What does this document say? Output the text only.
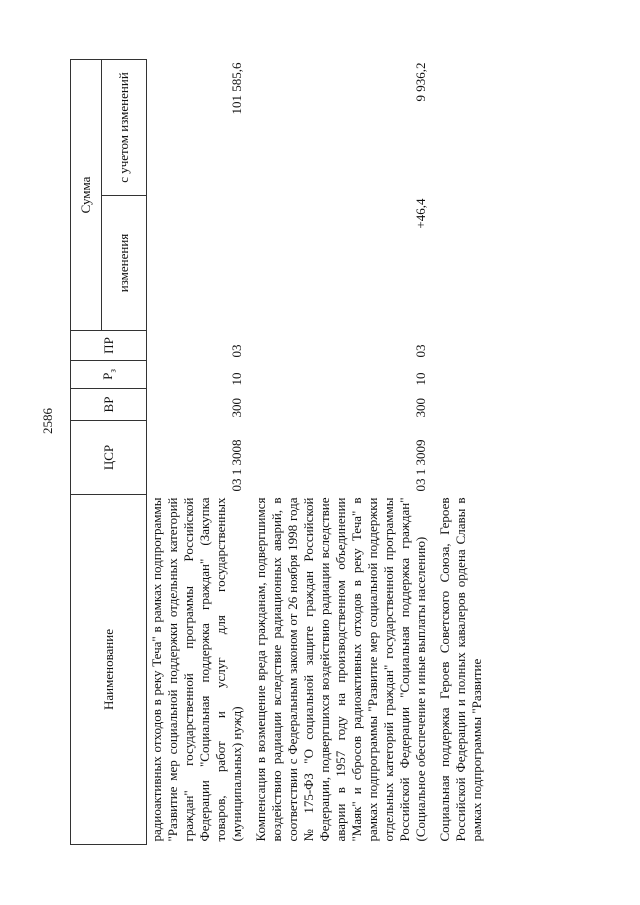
2586
Наименование	ЦСР	ВР	$Р_з$	ПР	Сумма	
					изменения	с учетом изменений
радиоактивных отходов в реку Теча" в рамках подпрограммы "Развитие мер социальной поддержки отдельных категорий граждан" государственной программы Российской Федерации "Социальная поддержка граждан" (Закупка товаров, работ и услуг для государственных (муниципальных) нужд)	03 1 3008	300	10	03		101 585,6
Компенсация в возмещение вреда гражданам, подвергшимся воздействию радиации вследствие радиационных аварий, в соответствии с Федеральным законом от 26 ноября 1998 года № 175-ФЗ "О социальной защите граждан Российской Федерации, подвергшихся воздействию радиации вследствие аварии в 1957 году на производственном объединении "Маяк" и сбросов радиоактивных отходов в реку Теча" в рамках подпрограммы "Развитие мер социальной поддержки отдельных категорий граждан" государственной программы Российской Федерации "Социальная поддержка граждан" (Социальное обеспечение и иные выплаты населению)	03 1 3009	300	10	03	+46,4	9 936,2
Социальная поддержка Героев Советского Союза, Героев Российской Федерации и полных кавалеров ордена Славы в рамках подпрограммы "Развитие						
